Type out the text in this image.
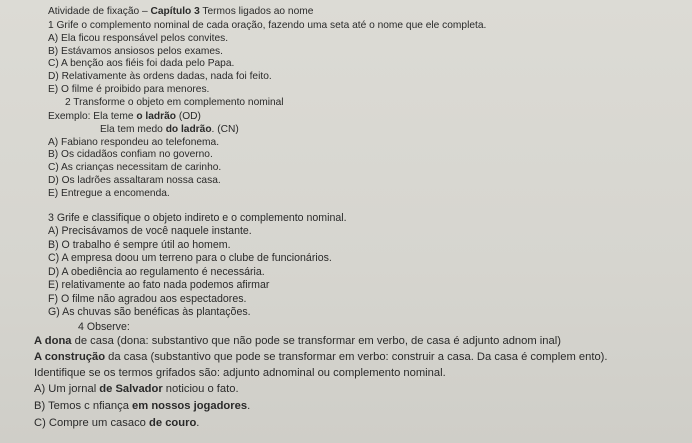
Atividade de fixação – Capítulo 3 Termos ligados ao nome
1 Grife o complemento nominal de cada oração, fazendo uma seta até o nome que ele completa.
A) Ela ficou responsável pelos convites.
B) Estávamos ansiosos pelos exames.
C) A benção aos fiéis foi dada pelo Papa.
D) Relativamente às ordens dadas, nada foi feito.
E) O filme é proibido para menores.
2 Transforme o objeto em complemento nominal
Exemplo: Ela teme o ladrão (OD)
Ela tem medo do ladrão. (CN)
A) Fabiano respondeu ao telefonema.
B) Os cidadãos confiam no governo.
C) As crianças necessitam de carinho.
D) Os ladrões assaltaram nossa casa.
E) Entregue a encomenda.
3 Grife e classifique o objeto indireto e o complemento nominal.
A) Precisávamos de você naquele instante.
B) O trabalho é sempre útil ao homem.
C) A empresa doou um terreno para o clube de funcionários.
D) A obediência ao regulamento é necessária.
E) relativamente ao fato nada podemos afirmar
F) O filme não agradou aos espectadores.
G) As chuvas são benéficas às plantações.
4 Observe:
A dona de casa (dona: substantivo que não pode se transformar em verbo, de casa é adjunto adnom inal)
A construção da casa (substantivo que pode se transformar em verbo: construir a casa. Da casa é complem ento).
Identifique se os termos grifados são: adjunto adnominal ou complemento nominal.
A) Um jornal de Salvador noticiou o fato.
B) Temos c nfiança em nossos jogadores.
C) Compre um casaco de couro.
